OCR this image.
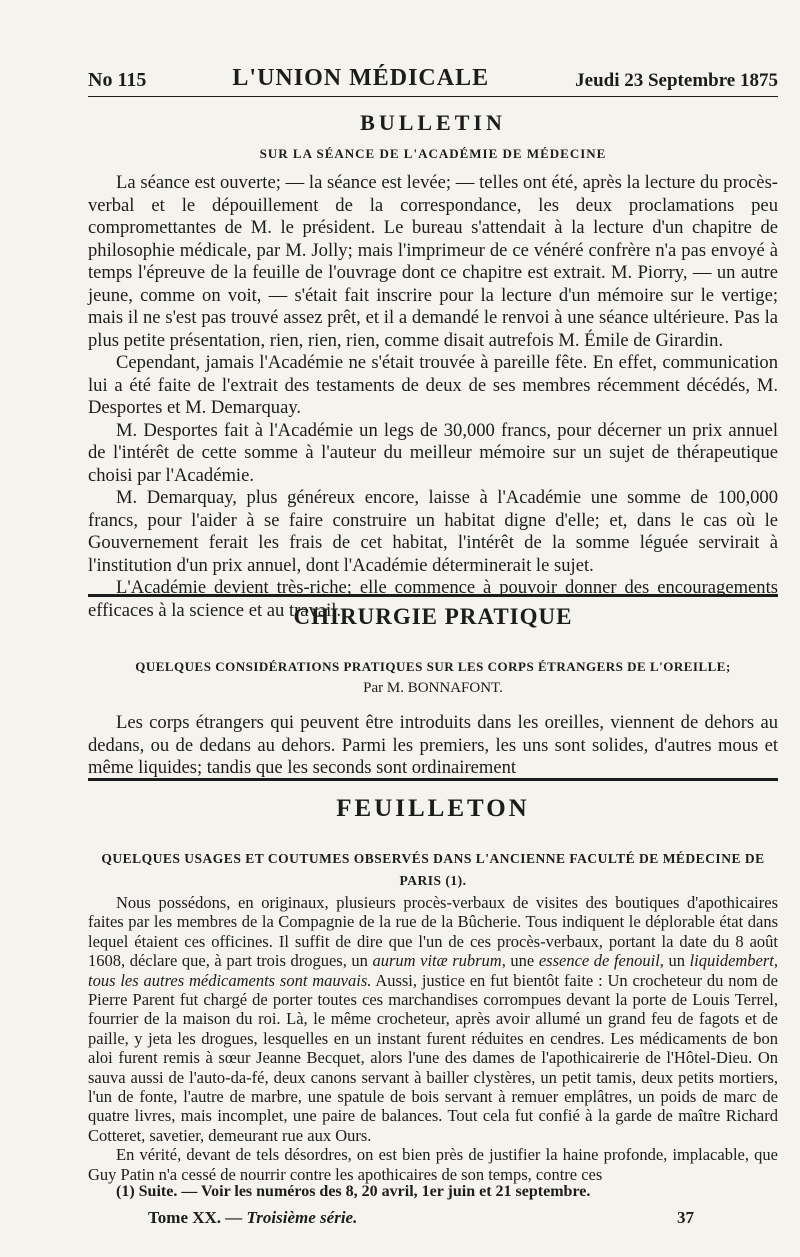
No 115	L'UNION MÉDICALE	Jeudi 23 Septembre 1875
BULLETIN
SUR LA SÉANCE DE L'ACADÉMIE DE MÉDECINE

La séance est ouverte; — la séance est levée; — telles ont été, après la lecture du procès-verbal et le dépouillement de la correspondance, les deux proclamations peu compromettantes de M. le président. Le bureau s'attendait à la lecture d'un chapitre de philosophie médicale, par M. Jolly; mais l'imprimeur de ce vénéré confrère n'a pas envoyé à temps l'épreuve de la feuille de l'ouvrage dont ce chapitre est extrait. M. Piorry, — un autre jeune, comme on voit, — s'était fait inscrire pour la lecture d'un mémoire sur le vertige; mais il ne s'est pas trouvé assez prêt, et il a demandé le renvoi à une séance ultérieure. Pas la plus petite présentation, rien, rien, rien, comme disait autrefois M. Émile de Girardin.

Cependant, jamais l'Académie ne s'était trouvée à pareille fête. En effet, communication lui a été faite de l'extrait des testaments de deux de ses membres récemment décédés, M. Desportes et M. Demarquay.

M. Desportes fait à l'Académie un legs de 30,000 francs, pour décerner un prix annuel de l'intérêt de cette somme à l'auteur du meilleur mémoire sur un sujet de thérapeutique choisi par l'Académie.

M. Demarquay, plus généreux encore, laisse à l'Académie une somme de 100,000 francs, pour l'aider à se faire construire un habitat digne d'elle; et, dans le cas où le Gouvernement ferait les frais de cet habitat, l'intérêt de la somme léguée servirait à l'institution d'un prix annuel, dont l'Académie déterminerait le sujet.

L'Académie devient très-riche; elle commence à pouvoir donner des encouragements efficaces à la science et au travail.

CHIRURGIE PRATIQUE
QUELQUES CONSIDÉRATIONS PRATIQUES SUR LES CORPS ÉTRANGERS DE L'OREILLE;
Par M. BONNAFONT.

Les corps étrangers qui peuvent être introduits dans les oreilles, viennent de dehors au dedans, ou de dedans au dehors. Parmi les premiers, les uns sont solides, d'autres mous et même liquides; tandis que les seconds sont ordinairement

FEUILLETON
QUELQUES USAGES ET COUTUMES OBSERVÉS DANS L'ANCIENNE FACULTÉ DE MÉDECINE DE PARIS (1).

Nous possédons, en originaux, plusieurs procès-verbaux de visites des boutiques d'apothicaires faites par les membres de la Compagnie de la rue de la Bûcherie. Tous indiquent le déplorable état dans lequel étaient ces officines. Il suffit de dire que l'un de ces procès-verbaux, portant la date du 8 août 1608, déclare que, à part trois drogues, un aurum vitæ rubrum, une essence de fenouil, un liquidembert, tous les autres médicaments sont mauvais. Aussi, justice en fut bientôt faite : Un crocheteur du nom de Pierre Parent fut chargé de porter toutes ces marchandises corrompues devant la porte de Louis Terrel, fourrier de la maison du roi. Là, le même crocheteur, après avoir allumé un grand feu de fagots et de paille, y jeta les drogues, lesquelles en un instant furent réduites en cendres. Les médicaments de bon aloi furent remis à sœur Jeanne Becquet, alors l'une des dames de l'apothicairerie de l'Hôtel-Dieu. On sauva aussi de l'auto-da-fé, deux canons servant à bailler clystères, un petit tamis, deux petits mortiers, l'un de fonte, l'autre de marbre, une spatule de bois servant à remuer emplâtres, un poids de marc de quatre livres, mais incomplet, une paire de balances. Tout cela fut confié à la garde de maître Richard Cotteret, savetier, demeurant rue aux Ours.

En vérité, devant de tels désordres, on est bien près de justifier la haine profonde, implacable, que Guy Patin n'a cessé de nourrir contre les apothicaires de son temps, contre ces

(1) Suite. — Voir les numéros des 8, 20 avril, 1er juin et 21 septembre.
Tome XX. — Troisième série.	37
